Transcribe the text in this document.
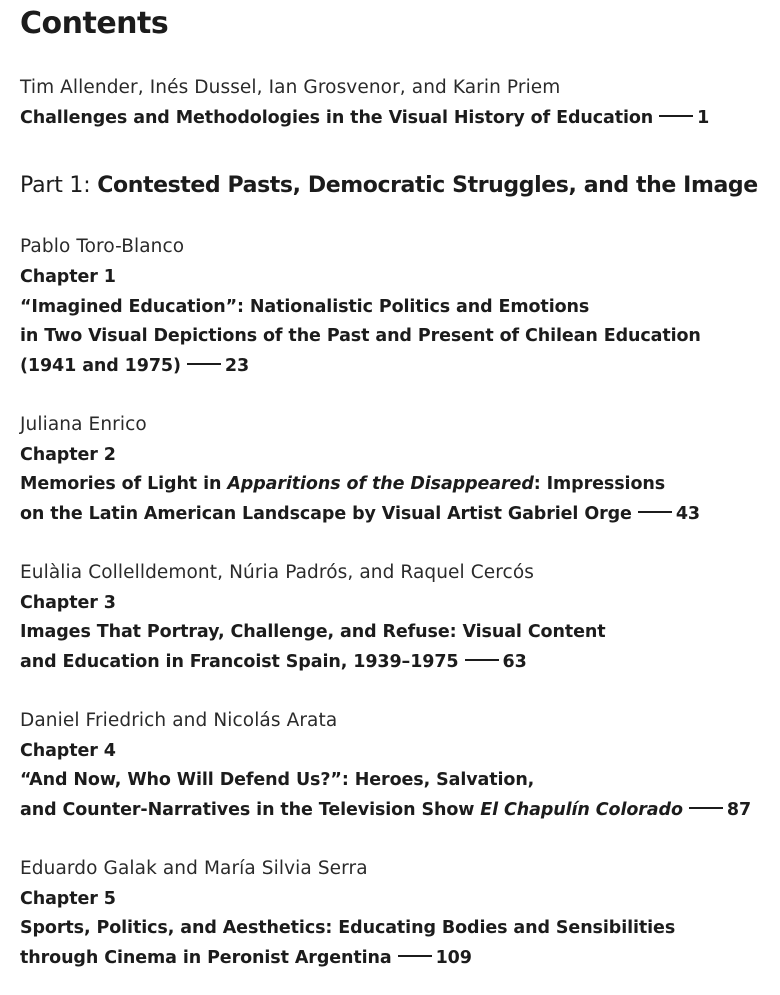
Contents
Tim Allender, Inés Dussel, Ian Grosvenor, and Karin Priem
Challenges and Methodologies in the Visual History of Education	1
Part 1: Contested Pasts, Democratic Struggles, and the Image
Pablo Toro-Blanco
Chapter 1
“Imagined Education”: Nationalistic Politics and Emotions
in Two Visual Depictions of the Past and Present of Chilean Education
(1941 and 1975)	23
Juliana Enrico
Chapter 2
Memories of Light in Apparitions of the Disappeared: Impressions
on the Latin American Landscape by Visual Artist Gabriel Orge	43
Eulàlia Collelldemont, Núria Padrós, and Raquel Cercós
Chapter 3
Images That Portray, Challenge, and Refuse: Visual Content
and Education in Francoist Spain, 1939–1975	63
Daniel Friedrich and Nicolás Arata
Chapter 4
“And Now, Who Will Defend Us?”: Heroes, Salvation,
and Counter-Narratives in the Television Show El Chapulín Colorado	87
Eduardo Galak and María Silvia Serra
Chapter 5
Sports, Politics, and Aesthetics: Educating Bodies and Sensibilities
through Cinema in Peronist Argentina	109
